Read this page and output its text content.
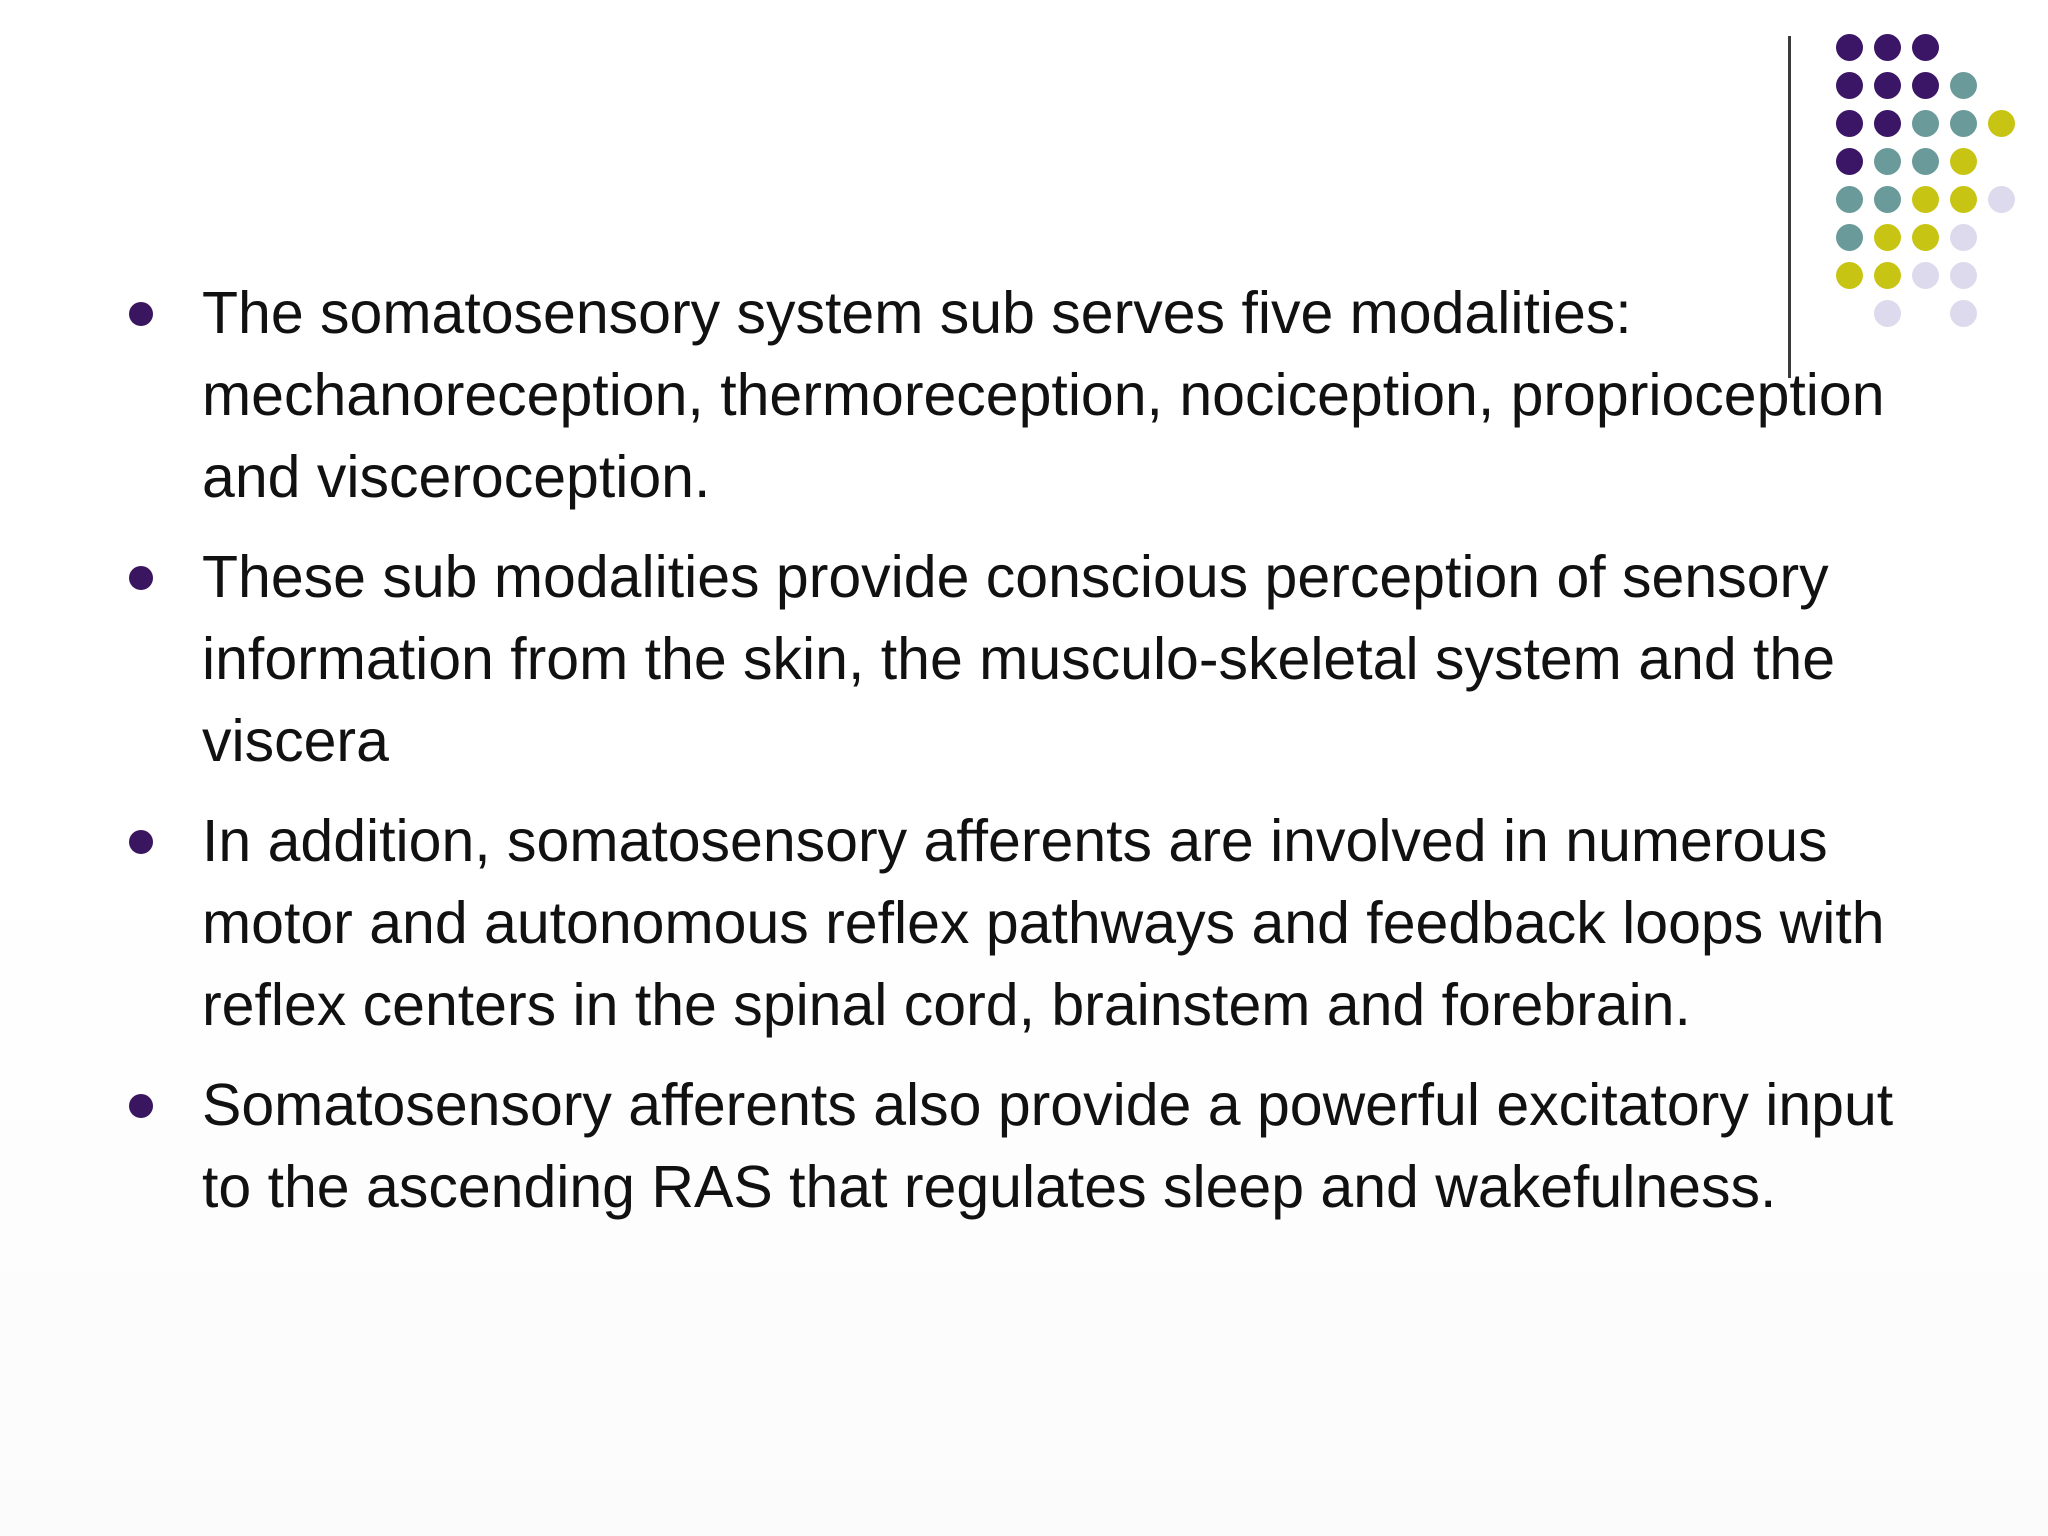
The somatosensory system sub serves five modalities: mechanoreception, thermoreception, nociception, proprioception and visceroception.
These sub modalities provide conscious perception of sensory information from the skin, the musculo-skeletal system and the viscera
In addition, somatosensory afferents are involved in numerous motor and autonomous reflex pathways and feedback loops with reflex centers in the spinal cord, brainstem and forebrain.
Somatosensory afferents also provide a powerful excitatory input to the ascending RAS that regulates sleep and wakefulness.
